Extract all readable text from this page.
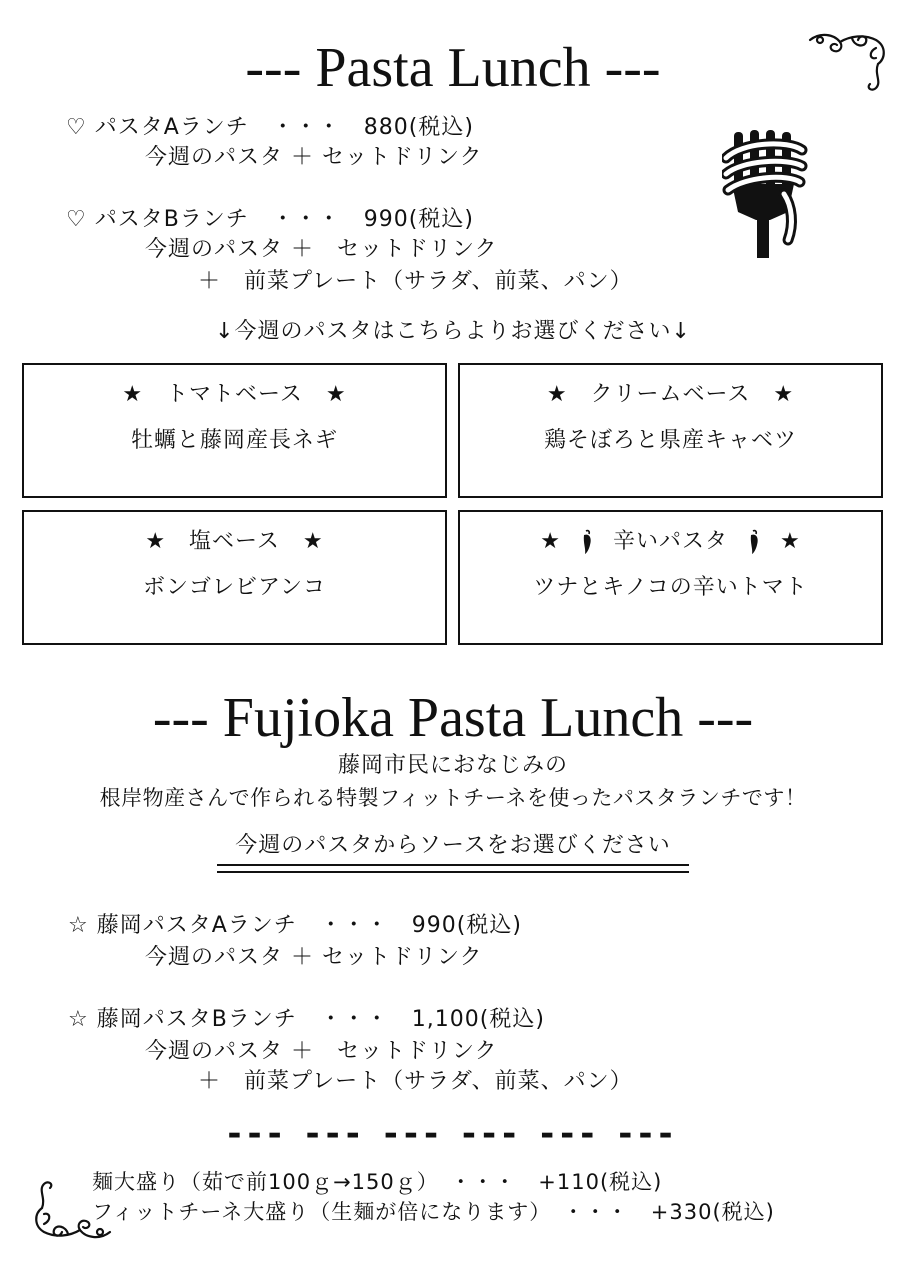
--- Pasta Lunch ---
♡ パスタAランチ　・・・　880(税込)
今週のパスタ ＋ セットドリンク
♡ パスタBランチ　・・・　990(税込)
今週のパスタ ＋　セットドリンク
＋　前菜プレート（サラダ、前菜、パン）
↓今週のパスタはこちらよりお選びください↓
★　トマトベース　★
牡蠣と藤岡産長ネギ
★　クリームベース　★
鶏そぼろと県産キャベツ
★　塩ベース　★
ボンゴレビアンコ
★ 辛いパスタ ★
ツナとキノコの辛いトマト
--- Fujioka Pasta Lunch ---
藤岡市民におなじみの
根岸物産さんで作られる特製フィットチーネを使ったパスタランチです！
今週のパスタからソースをお選びください
☆ 藤岡パスタAランチ　・・・　990(税込)
今週のパスタ ＋ セットドリンク
☆ 藤岡パスタBランチ　・・・　1,100(税込)
今週のパスタ ＋　セットドリンク
＋　前菜プレート（サラダ、前菜、パン）
--- --- --- --- --- ---
麺大盛り（茹で前100ｇ→150ｇ）　・・・　+110(税込)
フィットチーネ大盛り（生麺が倍になります）　・・・　+330(税込)
